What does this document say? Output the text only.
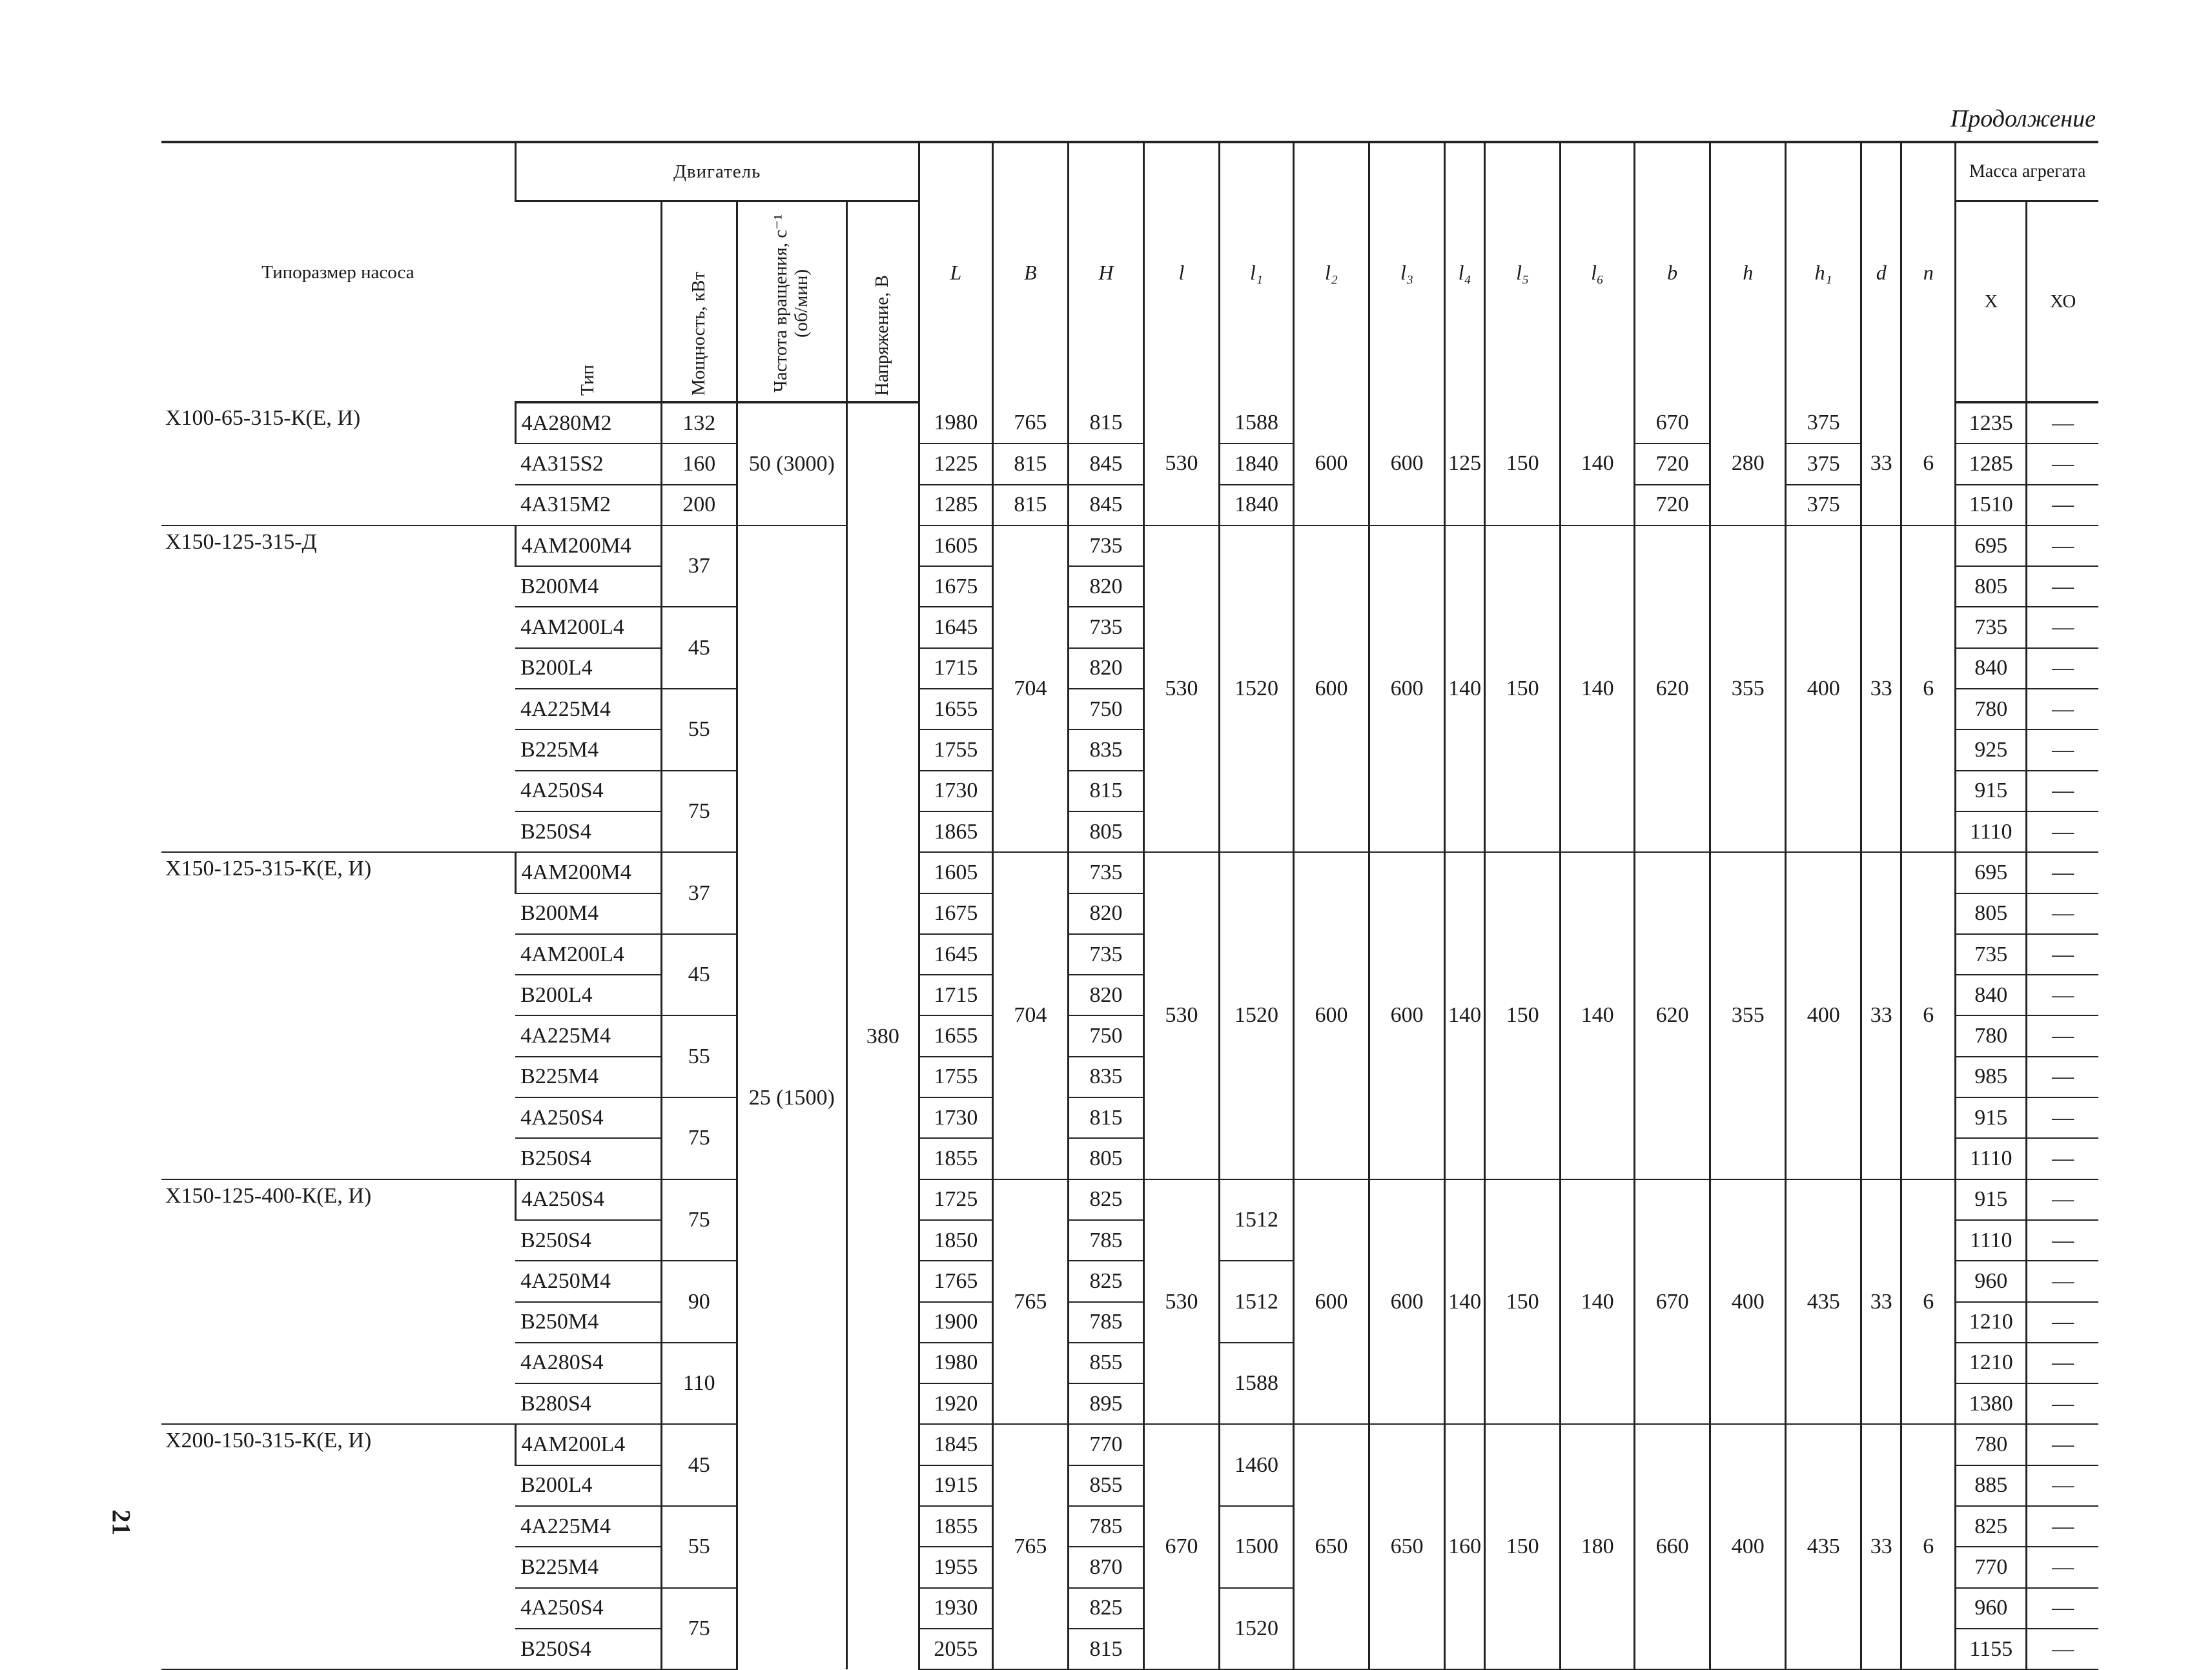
Продолжение
21
Типоразмер насоса	Двигатель				L	B	H	l	l₁	l₂	l₃	l₄	l₅	l₆	b	h	h₁	d	n	Масса агрегата	
	Тип	Мощность, кВт	Частота вращения, с⁻¹ (об/мин)	Напряжение, В																Х	ХО
Х100-65-315-К(Е, И)	4А280М2	132	50 (3000)	380	1980	765	815	530	1588	600	600	125	150	140	670	280	375	33	6	1235	—
	4А315S2	160			1225	815	845		1840						720		375			1285	—
	4А315М2	200			1285	815	845		1840						720		375			1510	—
Х150-125-315-Д	4АМ200М4	37	25 (1500)		1605	704	735	530	1520	600	600	140	150	140	620	355	400	33	6	695	—
	В200М4				1675		820													805	—
	4АМ200L4	45			1645		735													735	—
	В200L4				1715		820													840	—
	4А225М4	55			1655		750													780	—
	В225М4				1755		835													925	—
	4А250S4	75			1730		815													915	—
	В250S4				1865		805													1110	—
Х150-125-315-К(Е, И)	4АМ200М4	37			1605	704	735	530	1520	600	600	140	150	140	620	355	400	33	6	695	—
	В200М4				1675		820													805	—
	4АМ200L4	45			1645		735													735	—
	В200L4				1715		820													840	—
	4А225М4	55			1655		750													780	—
	В225М4				1755		835													985	—
	4А250S4	75			1730		815													915	—
	В250S4				1855		805													1110	—
Х150-125-400-К(Е, И)	4А250S4	75			1725	765	825	530	1512	600	600	140	150	140	670	400	435	33	6	915	—
	В250S4				1850		785													1110	—
	4А250М4	90			1765		825		1512											960	—
	В250М4				1900		785													1210	—
	4А280S4	110			1980		855		1588											1210	—
	В280S4				1920		895													1380	—
Х200-150-315-К(Е, И)	4АМ200L4	45			1845	765	770	670	1460	650	650	160	150	180	660	400	435	33	6	780	—
	В200L4				1915		855													885	—
	4А225М4	55			1855		785		1500											825	—
	В225М4				1955		870													770	—
	4А250S4	75			1930		825		1520											960	—
	В250S4				2055		815													1155	—
